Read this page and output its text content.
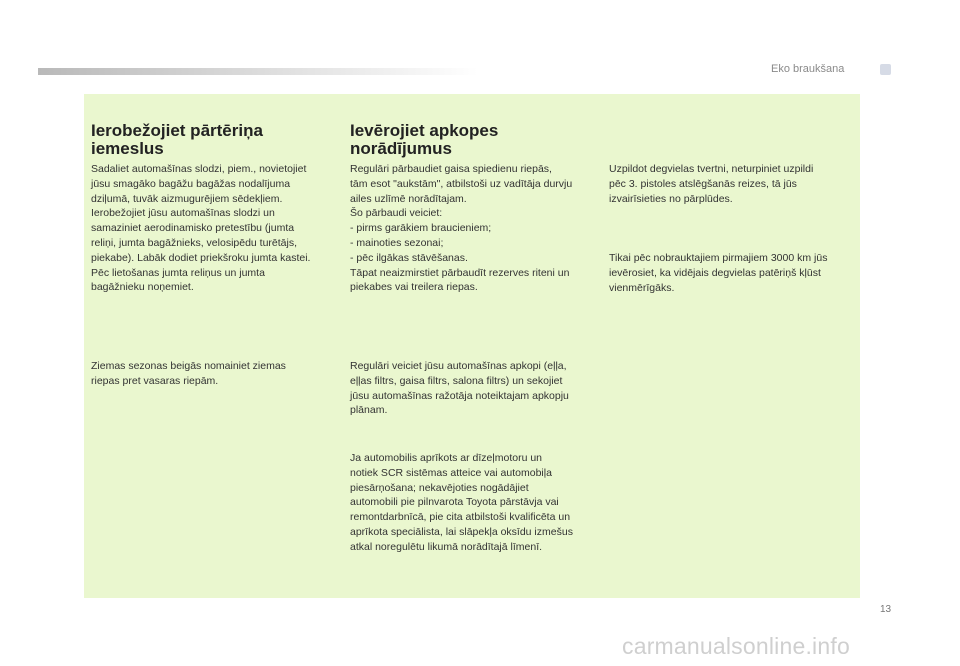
Eko braukšana
Ierobežojiet pārtēriņa
iemeslus

Sadaliet automašīnas slodzi, piem., novietojiet
jūsu smagāko bagāžu bagāžas nodalījuma
dziļumā, tuvāk aizmugurējiem sēdekļiem.
Ierobežojiet jūsu automašīnas slodzi un
samaziniet aerodinamisko pretestību (jumta
reliņi, jumta bagāžnieks, velosipēdu turētājs,
piekabe). Labāk dodiet priekšroku jumta kastei.
Pēc lietošanas jumta reliņus un jumta
bagāžnieku noņemiet.

Ziemas sezonas beigās nomainiet ziemas
riepas pret vasaras riepām.

Ievērojiet apkopes
norādījumus

Regulāri pārbaudiet gaisa spiedienu riepās,
tām esot "aukstām", atbilstoši uz vadītāja durvju
ailes uzlīmē norādītajam.
Šo pārbaudi veiciet:
- pirms garākiem braucieniem;
- mainoties sezonai;
- pēc ilgākas stāvēšanas.
Tāpat neaizmirstiet pārbaudīt rezerves riteni un
piekabes vai treilera riepas.

Regulāri veiciet jūsu automašīnas apkopi (eļļa,
eļļas filtrs, gaisa filtrs, salona filtrs) un sekojiet
jūsu automašīnas ražotāja noteiktajam apkopju
plānam.

Ja automobilis aprīkots ar dīzeļmotoru un
notiek SCR sistēmas atteice vai automobiļa
piesārņošana; nekavējoties nogādājiet
automobili pie pilnvarota Toyota pārstāvja vai
remontdarbnīcā, pie cita atbilstoši kvalificēta un
aprīkota speciālista, lai slāpekļa oksīdu izmešus
atkal noregulētu likumā norādītajā līmenī.

Uzpildot degvielas tvertni, neturpiniet uzpildi
pēc 3. pistoles atslēgšanās reizes, tā jūs
izvairīsieties no pārplūdes.

Tikai pēc nobrauktajiem pirmajiem 3000 km jūs
ievērosiet, ka vidējais degvielas patēriņš kļūst
vienmērīgāks.

13
carmanualsonline.info
